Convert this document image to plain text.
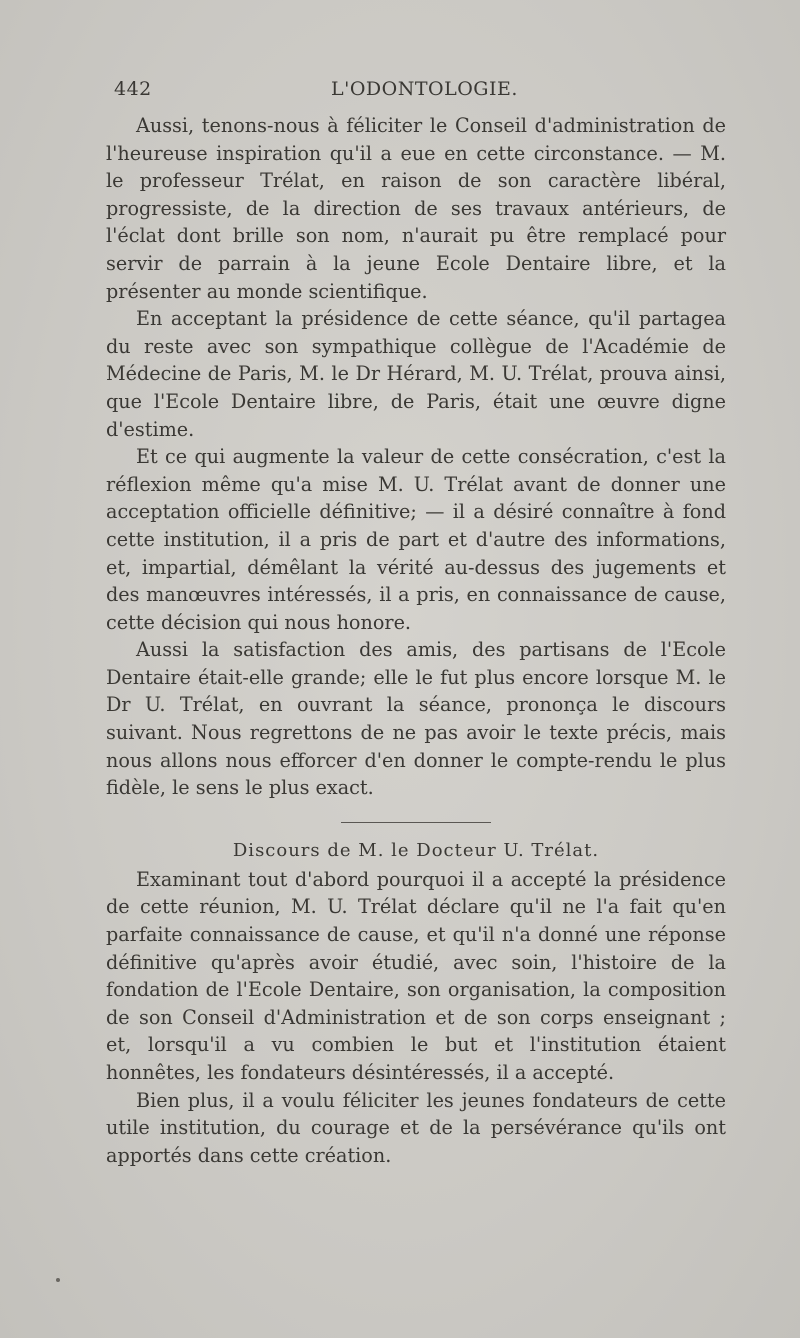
442	L'ODONTOLOGIE.

Aussi, tenons-nous à féliciter le Conseil d'administration de l'heureuse inspiration qu'il a eue en cette circonstance. — M. le professeur Trélat, en raison de son caractère libéral, progressiste, de la direction de ses travaux antérieurs, de l'éclat dont brille son nom, n'aurait pu être remplacé pour servir de parrain à la jeune Ecole Dentaire libre, et la présenter au monde scientifique.

En acceptant la présidence de cette séance, qu'il partagea du reste avec son sympathique collègue de l'Académie de Médecine de Paris, M. le Dr Hérard, M. U. Trélat, prouva ainsi, que l'Ecole Dentaire libre, de Paris, était une œuvre digne d'estime.

Et ce qui augmente la valeur de cette consécration, c'est la réflexion même qu'a mise M. U. Trélat avant de donner une acceptation officielle définitive; — il a désiré connaître à fond cette institution, il a pris de part et d'autre des informations, et, impartial, démêlant la vérité au-dessus des jugements et des manœuvres intéressés, il a pris, en connaissance de cause, cette décision qui nous honore.

Aussi la satisfaction des amis, des partisans de l'Ecole Dentaire était-elle grande; elle le fut plus encore lorsque M. le Dr U. Trélat, en ouvrant la séance, prononça le discours suivant. Nous regrettons de ne pas avoir le texte précis, mais nous allons nous efforcer d'en donner le compte-rendu le plus fidèle, le sens le plus exact.

Discours de M. le Docteur U. Trélat.

Examinant tout d'abord pourquoi il a accepté la présidence de cette réunion, M. U. Trélat déclare qu'il ne l'a fait qu'en parfaite connaissance de cause, et qu'il n'a donné une réponse définitive qu'après avoir étudié, avec soin, l'histoire de la fondation de l'Ecole Dentaire, son organisation, la composition de son Conseil d'Administration et de son corps enseignant ; et, lorsqu'il a vu combien le but et l'institution étaient honnêtes, les fondateurs désintéressés, il a accepté.

Bien plus, il a voulu féliciter les jeunes fondateurs de cette utile institution, du courage et de la persévérance qu'ils ont apportés dans cette création.
